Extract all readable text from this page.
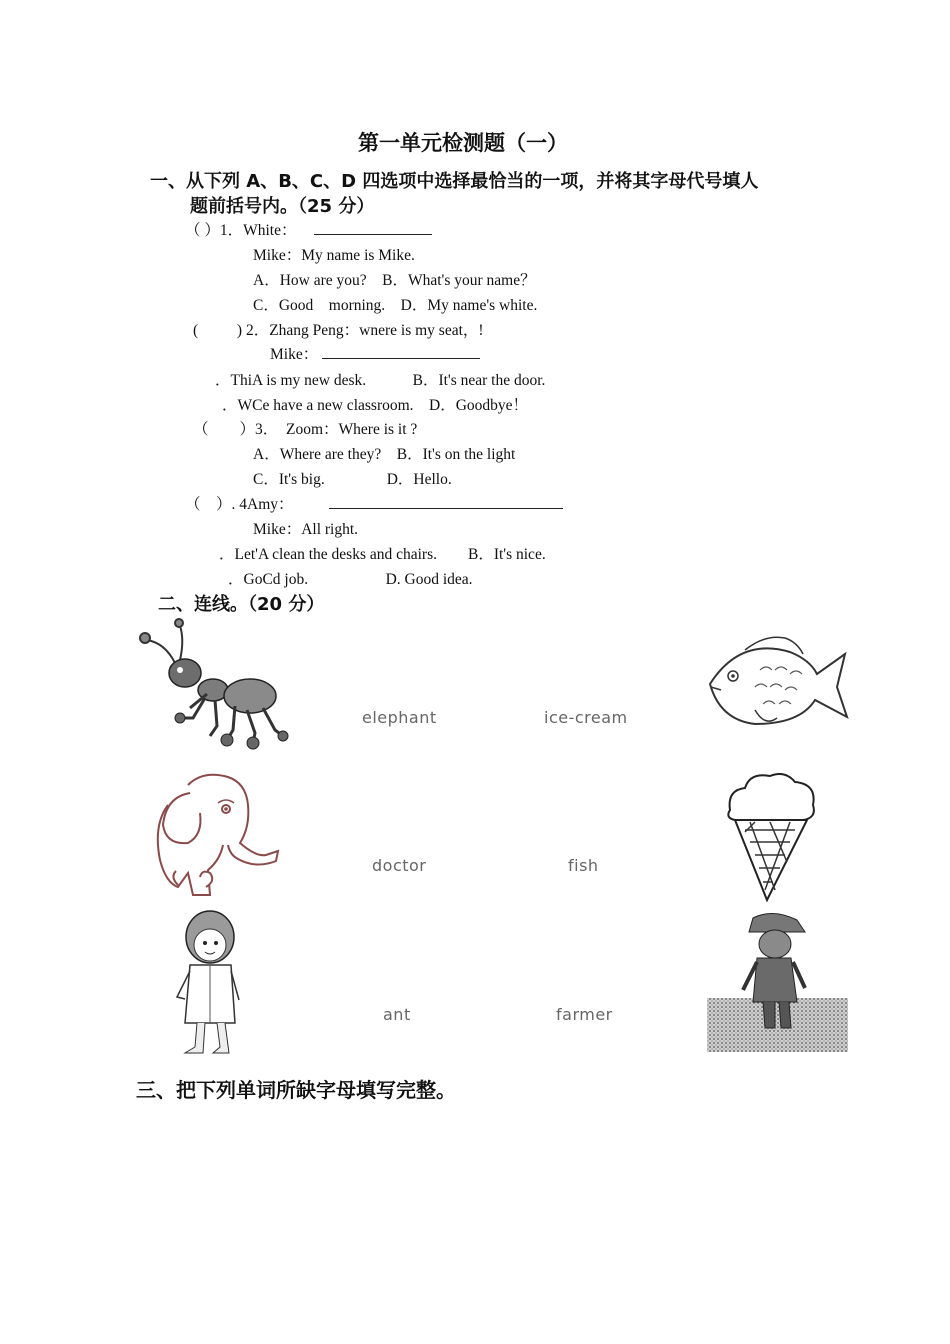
第一单元检测题（一）
一、从下列 A、B、C、D 四选项中选择最恰当的一项，并将其字母代号填人
题前括号内。（25 分）
（ ）1．White：
Mike：My name is Mike.
A．How are you?    B．What's your name？
C．Good    morning.    D．My name's white.
(          ) 2．Zhang Peng：wnere is my seat，!
Mike：
．ThiA is my new desk.            B．It's near the door.
．WCe have a new classroom.    D．Goodbye！
（        ）3．  Zoom：Where is it ?
A．Where are they?    B．It's on the light
C．It's big.                D．Hello.
（    ）. 4Amy：
Mike：All right.
．Let'A clean the desks and chairs.        B．It's nice.
．GoCd job.                    D. Good idea.
二、连线。（20 分）
elephant	ice-cream
doctor	fish
ant	farmer
三、把下列单词所缺字母填写完整。
